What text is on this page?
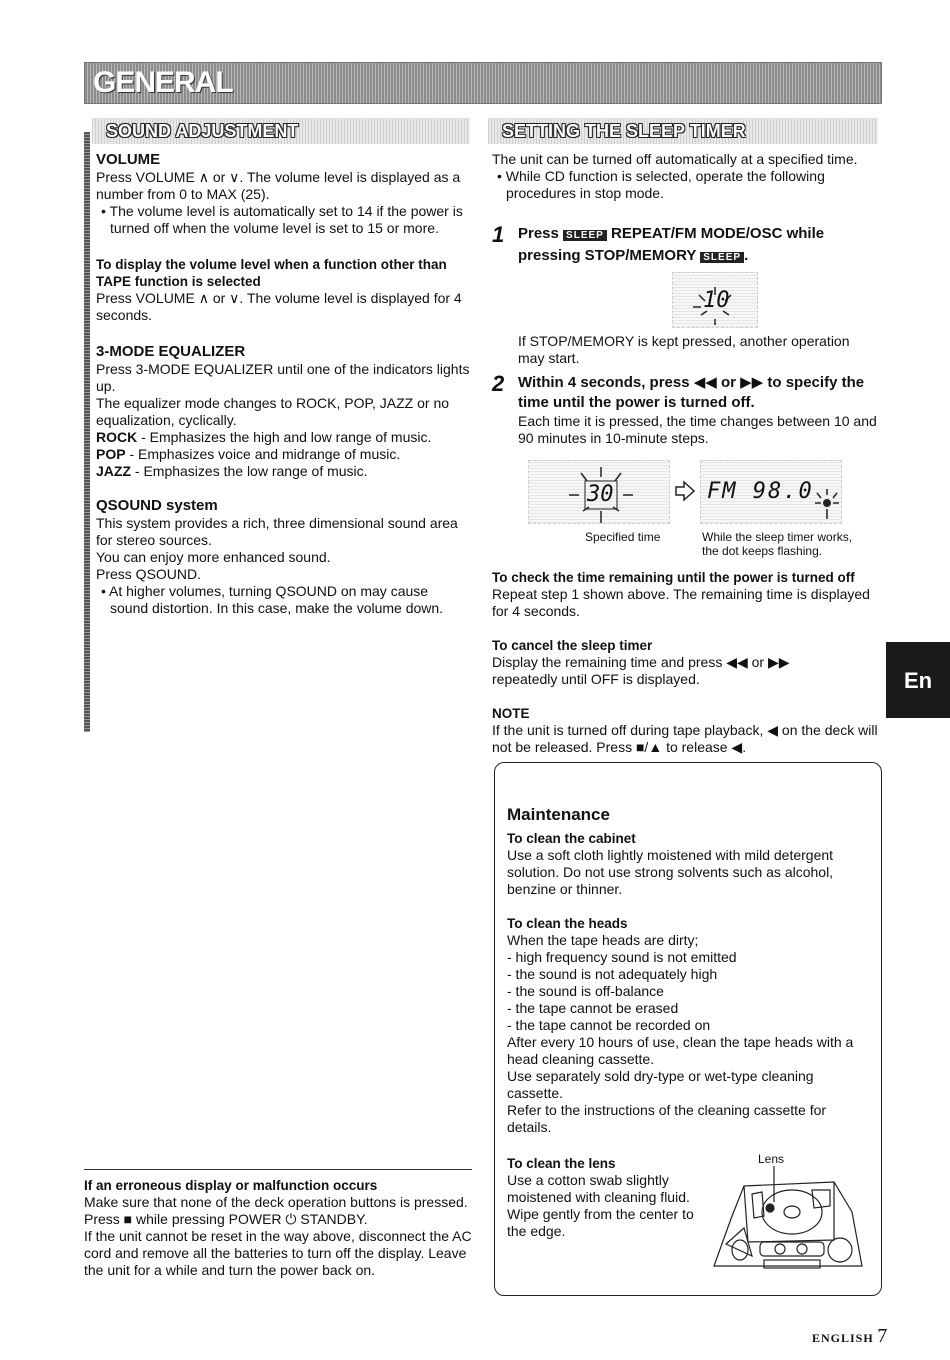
GENERAL
SOUND ADJUSTMENT
VOLUME

Press VOLUME ∧ or ∨. The volume level is displayed as a number from 0 to MAX (25).

• The volume level is automatically set to 14 if the power is turned off when the volume level is set to 15 or more.

To display the volume level when a function other than TAPE function is selected

Press VOLUME ∧ or ∨. The volume level is displayed for 4 seconds.

3-MODE EQUALIZER

Press 3-MODE EQUALIZER until one of the indicators lights up.

The equalizer mode changes to ROCK, POP, JAZZ or no equalization, cyclically.

ROCK - Emphasizes the high and low range of music.

POP - Emphasizes voice and midrange of music.

JAZZ - Emphasizes the low range of music.

QSOUND system

This system provides a rich, three dimensional sound area for stereo sources.

You can enjoy more enhanced sound.

Press QSOUND.

• At higher volumes, turning QSOUND on may cause sound distortion. In this case, make the volume down.

SETTING THE SLEEP TIMER

The unit can be turned off automatically at a specified time.

• While CD function is selected, operate the following procedures in stop mode.

1 Press SLEEP REPEAT/FM MODE/OSC while pressing STOP/MEMORY SLEEP .
10
If STOP/MEMORY is kept pressed, another operation may start.
2 Within 4 seconds, press ◀◀ or ▶▶ to specify the time until the power is turned off.

Each time it is pressed, the time changes between 10 and 90 minutes in 10-minute steps.

30	FM 98.0
Specified time	While the sleep timer works, the dot keeps flashing.
To check the time remaining until the power is turned off

Repeat step 1 shown above. The remaining time is displayed for 4 seconds.

To cancel the sleep timer

Display the remaining time and press ◀◀ or ▶▶ repeatedly until OFF is displayed.

NOTE

If the unit is turned off during tape playback, ◀ on the deck will not be released. Press ■/▲ to release ◀.

En
Maintenance
To clean the cabinet

Use a soft cloth lightly moistened with mild detergent solution. Do not use strong solvents such as alcohol, benzine or thinner.

To clean the heads

When the tape heads are dirty;

- high frequency sound is not emitted

- the sound is not adequately high

- the sound is off-balance

- the tape cannot be erased

- the tape cannot be recorded on

After every 10 hours of use, clean the tape heads with a head cleaning cassette.

Use separately sold dry-type or wet-type cleaning cassette.

Refer to the instructions of the cleaning cassette for details.

To clean the lens

Use a cotton swab slightly moistened with cleaning fluid. Wipe gently from the center to the edge.

Lens
If an erroneous display or malfunction occurs

Make sure that none of the deck operation buttons is pressed.

Press ■ while pressing POWER ⏻ STANDBY.

If the unit cannot be reset in the way above, disconnect the AC cord and remove all the batteries to turn off the display. Leave the unit for a while and turn the power back on.

ENGLISH 7
